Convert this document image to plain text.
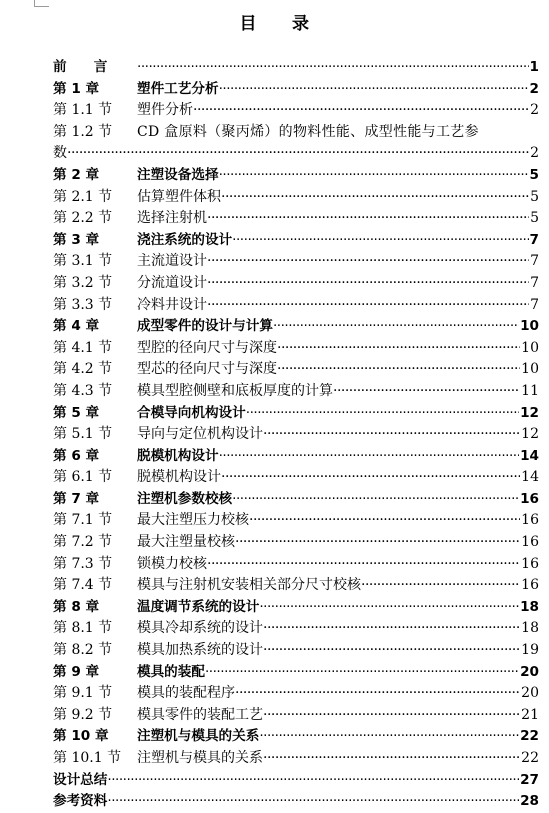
目　　录
前　　言 ·····	1
第 1 章	塑件工艺分析 ·····	2
第 1.1 节	塑件分析 ·····	2
第 1.2 节	CD 盒原料（聚丙烯）的物料性能、成型性能与工艺参
数 ·····	2
第 2 章	注塑设备选择 ·····	5
第 2.1 节	估算塑件体积 ·····	5
第 2.2 节	选择注射机 ·····	5
第 3 章	浇注系统的设计 ·····	7
第 3.1 节	主流道设计 ·····	7
第 3.2 节	分流道设计 ·····	7
第 3.3 节	冷料井设计 ·····	7
第 4 章	成型零件的设计与计算 ·····	10
第 4.1 节	型腔的径向尺寸与深度 ·····	10
第 4.2 节	型芯的径向尺寸与深度 ·····	10
第 4.3 节	模具型腔侧壁和底板厚度的计算 ·····	11
第 5 章	合模导向机构设计 ·····	12
第 5.1 节	导向与定位机构设计 ·····	12
第 6 章	脱模机构设计 ·····	14
第 6.1 节	脱模机构设计 ·····	14
第 7 章	注塑机参数校核 ·····	16
第 7.1 节	最大注塑压力校核 ·····	16
第 7.2 节	最大注塑量校核 ·····	16
第 7.3 节	锁模力校核 ·····	16
第 7.4 节	模具与注射机安装相关部分尺寸校核 ·····	16
第 8 章	温度调节系统的设计 ·····	18
第 8.1 节	模具冷却系统的设计 ·····	18
第 8.2 节	模具加热系统的设计 ·····	19
第 9 章	模具的装配 ·····	20
第 9.1 节	模具的装配程序 ·····	20
第 9.2 节	模具零件的装配工艺 ·····	21
第 10 章	注塑机与模具的关系 ·····	22
第 10.1 节	注塑机与模具的关系 ·····	22
设计总结 ·····	27
参考资料 ·····	28
